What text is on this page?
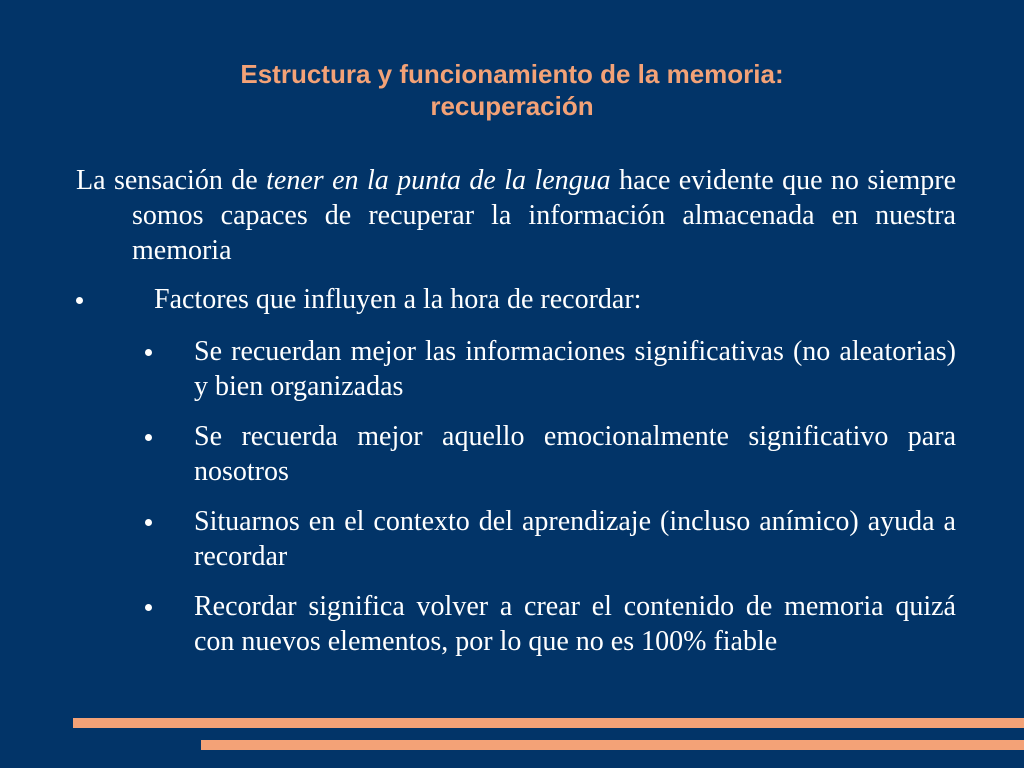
Estructura y funcionamiento de la memoria:
recuperación

La sensación de tener en la punta de la lengua hace evidente que no siempre somos capaces de recuperar la información almacenada en nuestra memoria

Factores que influyen a la hora de recordar:
Se recuerdan mejor las informaciones significativas (no aleatorias) y bien organizadas
Se recuerda mejor aquello emocionalmente significativo para nosotros
Situarnos en el contexto del aprendizaje (incluso anímico) ayuda a recordar
Recordar significa volver a crear el contenido de memoria quizá con nuevos elementos, por lo que no es 100% fiable
